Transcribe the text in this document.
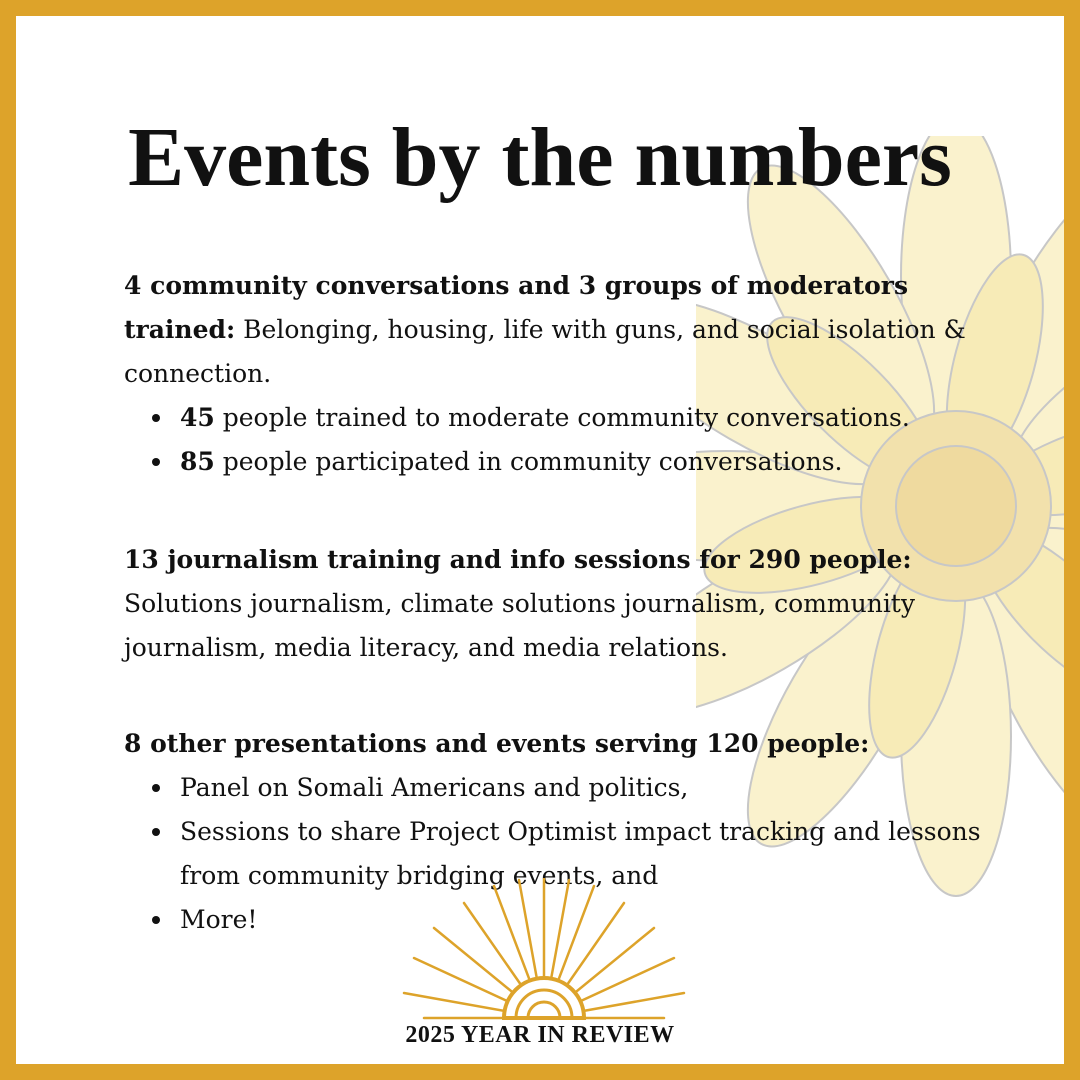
Events by the numbers

4 community conversations and 3 groups of moderators trained: Belonging, housing, life with guns, and social isolation & connection.

45 people trained to moderate community conversations.
85 people participated in community conversations.

13 journalism training and info sessions for 290 people:

Solutions journalism, climate solutions journalism, community journalism, media literacy, and media relations.

8 other presentations and events serving 120 people:

Panel on Somali Americans and politics,
Sessions to share Project Optimist impact tracking and lessons from community bridging events, and
More!
2025 YEAR IN REVIEW
